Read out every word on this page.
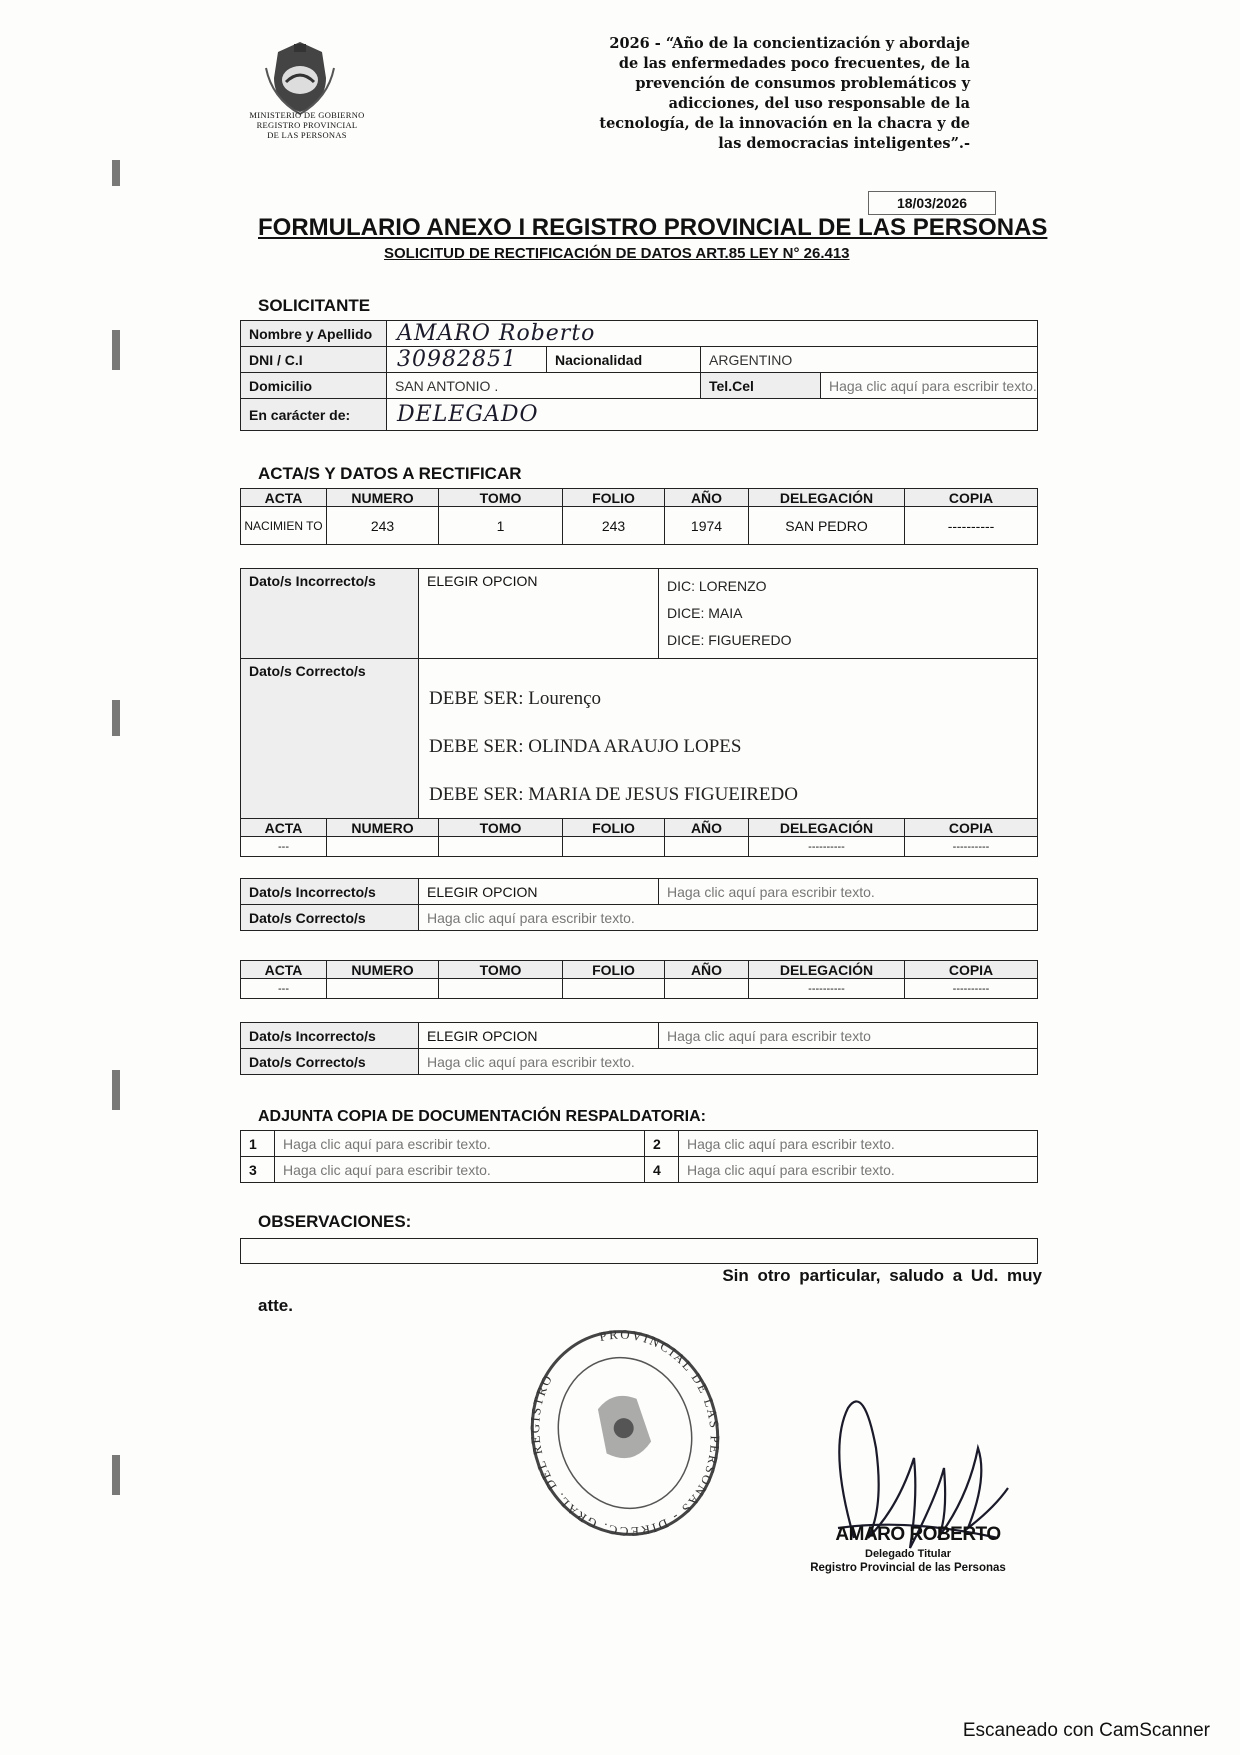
MINISTERIO DE GOBIERNO
REGISTRO PROVINCIAL
DE LAS PERSONAS
2026 - “Año de la concientización y abordaje
de las enfermedades poco frecuentes, de la
prevención de consumos problemáticos y
adicciones, del uso responsable de la
tecnología, de la innovación en la chacra y de
las democracias inteligentes”.-
18/03/2026
FORMULARIO ANEXO I REGISTRO PROVINCIAL DE LAS PERSONAS
SOLICITUD DE RECTIFICACIÓN DE DATOS ART.85 LEY N° 26.413
SOLICITANTE
Nombre y Apellido	AMARO Roberto			
DNI / C.I	30982851	Nacionalidad	ARGENTINO	
Domicilio	SAN ANTONIO .		Tel.Cel	Haga clic aquí para escribir texto.
En carácter de:	DELEGADO			
ACTA/S Y DATOS A RECTIFICAR
ACTA	NUMERO	TOMO	FOLIO	AÑO	DELEGACIÓN	COPIA
NACIMIEN TO	243	1	243	1974	SAN PEDRO	----------
Dato/s Incorrecto/s	ELEGIR OPCION	DIC: LORENZO
DICE: MAIA
DICE: FIGUEREDO

Dato/s Correcto/s	DEBE SER: Lourenço
DEBE SER: OLINDA ARAUJO LOPES
DEBE SER: MARIA DE JESUS FIGUEIREDO	
ACTA	NUMERO	TOMO	FOLIO	AÑO	DELEGACIÓN	COPIA
---					----------	----------
Dato/s Incorrecto/s	ELEGIR OPCION	Haga clic aquí para escribir texto.
Dato/s Correcto/s	Haga clic aquí para escribir texto.	
ACTA	NUMERO	TOMO	FOLIO	AÑO	DELEGACIÓN	COPIA
---					----------	----------
Dato/s Incorrecto/s	ELEGIR OPCION	Haga clic aquí para escribir texto
Dato/s Correcto/s	Haga clic aquí para escribir texto.	
ADJUNTA COPIA DE DOCUMENTACIÓN RESPALDATORIA:
1	Haga clic aquí para escribir texto.	2	Haga clic aquí para escribir texto.
3	Haga clic aquí para escribir texto.	4	Haga clic aquí para escribir texto.
OBSERVACIONES:
Sin otro particular, saludo a Ud. muy
atte.
PROVINCIAL DE LAS PERSONAS - DIRECC. GRAL. DEL REGISTRO
AMARO ROBERTO
Delegado Titular
Registro Provincial de las Personas
Escaneado con CamScanner
